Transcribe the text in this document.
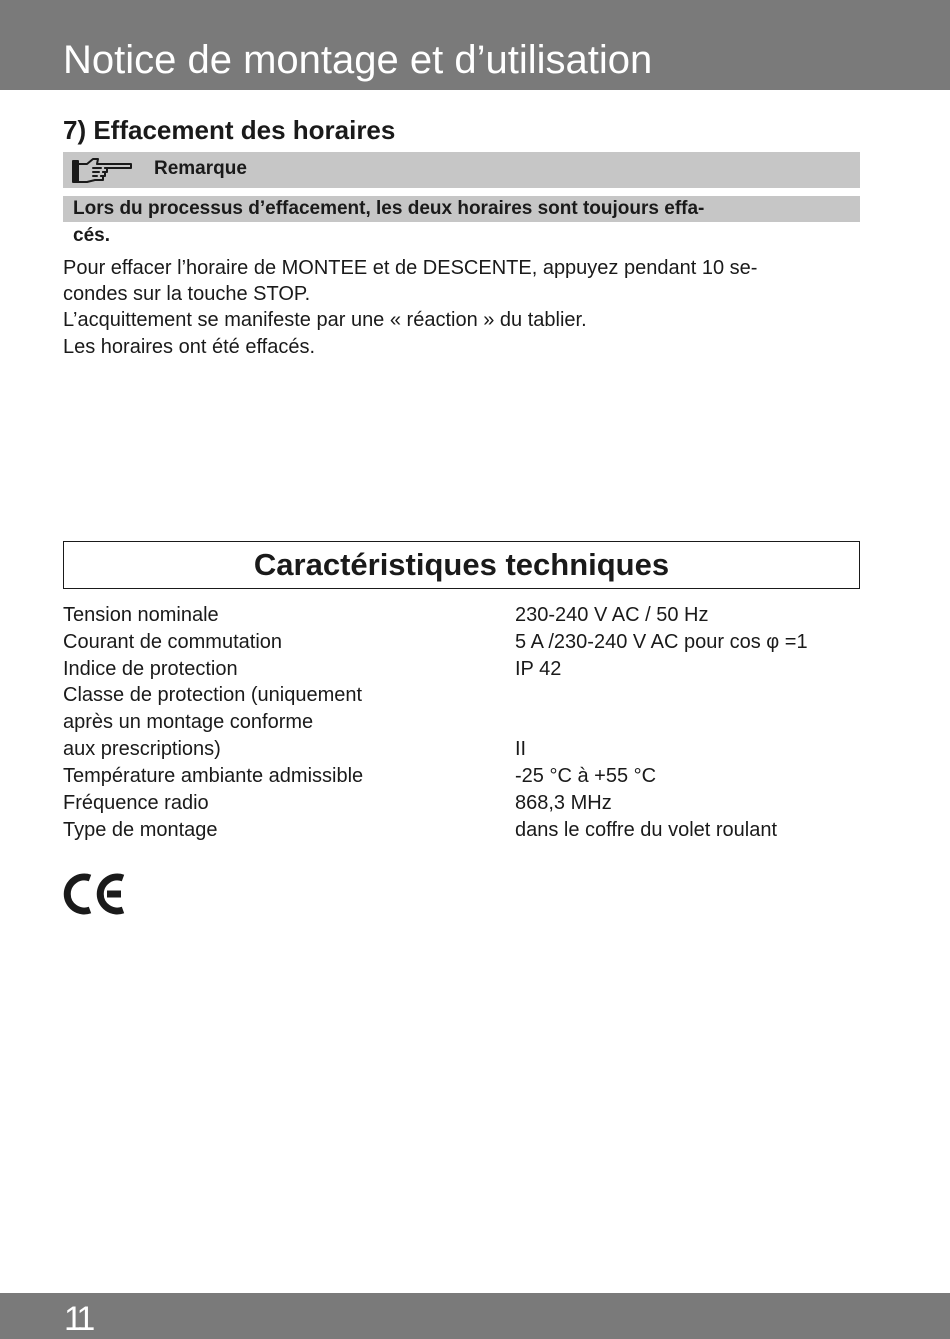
Notice de montage et d’utilisation
7) Effacement des horaires
Remarque
Lors du processus d’effacement, les deux horaires sont toujours effa-
cés.
Pour effacer l’horaire de MONTEE et de DESCENTE, appuyez pendant 10 se-
condes sur la touche STOP.
L’acquittement se manifeste par une « réaction » du tablier.
Les horaires ont été effacés.
Caractéristiques techniques
Tension nominale	230-240 V AC / 50 Hz
Courant de commutation	5 A /230-240 V AC pour cos φ =1
Indice de protection	IP 42
Classe de protection (uniquement
après un montage conforme
aux prescriptions)	II
Température ambiante admissible	-25 °C à +55 °C
Fréquence radio	868,3 MHz
Type de montage	dans le coffre du volet roulant
11
